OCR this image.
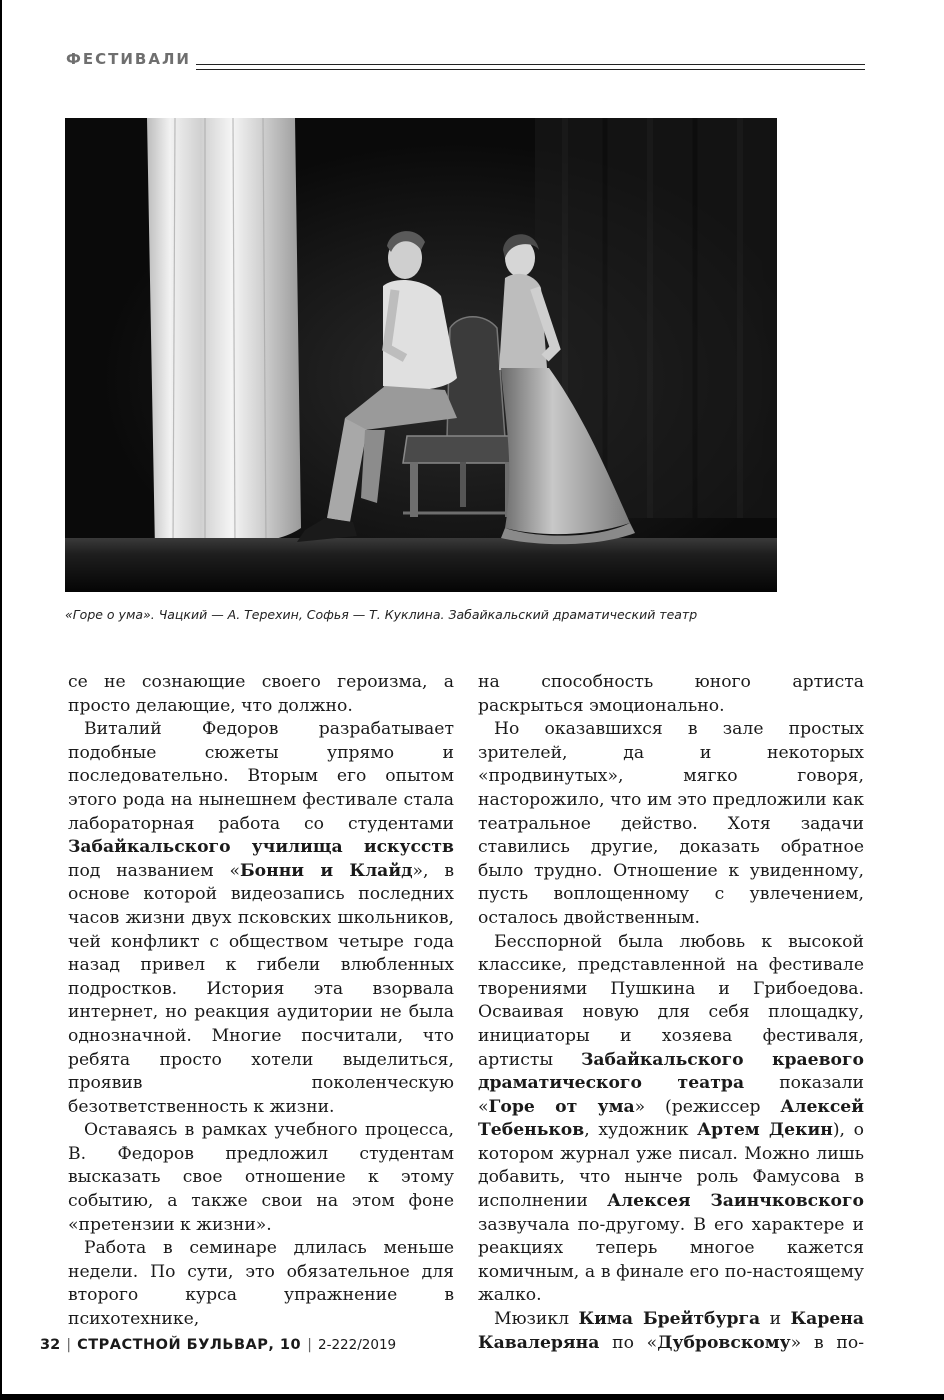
ФЕСТИВАЛИ
«Горе о ума». Чацкий — А. Терехин, Софья — Т. Куклина. Забайкальский драматический театр

се не сознающие своего героизма, а просто делающие, что должно.

Виталий Федоров разрабатывает подобные сюжеты упрямо и последовательно. Вторым его опытом этого рода на нынешнем фестивале стала лабораторная работа со студентами Забайкальского училища искусств под названием «Бонни и Клайд», в основе которой видеозапись последних часов жизни двух псковских школьников, чей конфликт с обществом четыре года назад привел к гибели влюбленных подростков. История эта взорвала интернет, но реакция аудитории не была однозначной. Многие посчитали, что ребята просто хотели выделиться, проявив поколенческую безответственность к жизни.

Оставаясь в рамках учебного процесса, В. Федоров предложил студентам высказать свое отношение к этому событию, а также свои на этом фоне «претензии к жизни».

Работа в семинаре длилась меньше недели. По сути, это обязательное для второго курса упражнение в психотехнике,

на способность юного артиста раскрыться эмоционально.

Но оказавшихся в зале простых зрителей, да и некоторых «продвинутых», мягко говоря, насторожило, что им это предложили как театральное действо. Хотя задачи ставились другие, доказать обратное было трудно. Отношение к увиденному, пусть воплощенному с увлечением, осталось двойственным.

Бесспорной была любовь к высокой классике, представленной на фестивале творениями Пушкина и Грибоедова. Осваивая новую для себя площадку, инициаторы и хозяева фестиваля, артисты Забайкальского краевого драматического театра показали «Горе от ума» (режиссер Алексей Тебеньков, художник Артем Декин), о котором журнал уже писал. Можно лишь добавить, что нынче роль Фамусова в исполнении Алексея Заинчковского зазвучала по-другому. В его характере и реакциях теперь многое кажется комичным, а в финале его по-настоящему жалко.

Мюзикл Кима Брейтбурга и Карена Кавалеряна по «Дубровскому» в по-

32 | СТРАСТНОЙ БУЛЬВАР, 10 | 2-222/2019
